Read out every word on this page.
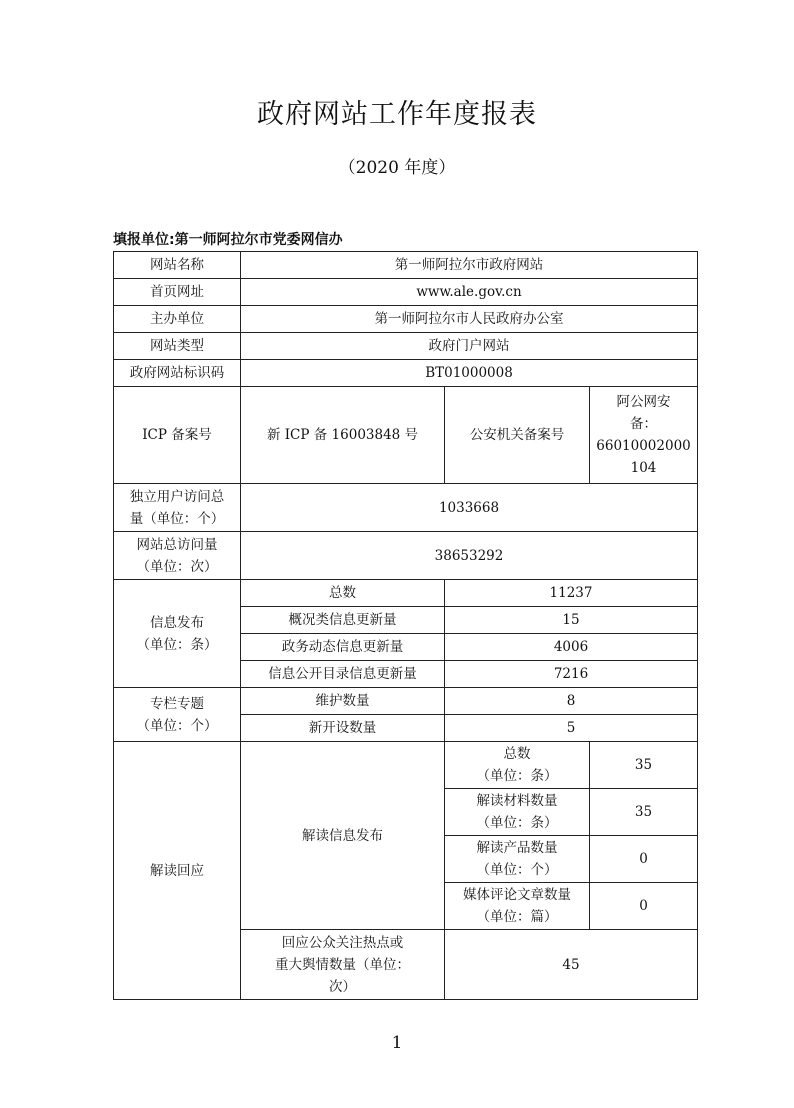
政府网站工作年度报表
（2020 年度）
填报单位:第一师阿拉尔市党委网信办
网站名称	第一师阿拉尔市政府网站		
首页网址	www.ale.gov.cn		
主办单位	第一师阿拉尔市人民政府办公室		
网站类型	政府门户网站		
政府网站标识码	BT01000008		
ICP 备案号	新 ICP 备 16003848 号	公安机关备案号	阿公网安
备：
66010002000
104

独立用户访问总
量（单位：个）	1033668		

网站总访问量
（单位：次）	38653292		

信息发布
（单位：条）	总数	11237	
	概况类信息更新量	15	
	政务动态信息更新量	4006	
	信息公开目录信息更新量	7216	

专栏专题
（单位：个）	维护数量	8	
	新开设数量	5	
解读回应	解读信息发布	总数
（单位：条）	35

		解读材料数量
（单位：条）	35

		解读产品数量
（单位：个）	0

		媒体评论文章数量
（单位：篇）	0

	回应公众关注热点或
重大舆情数量（单位：
次）	45	
1
